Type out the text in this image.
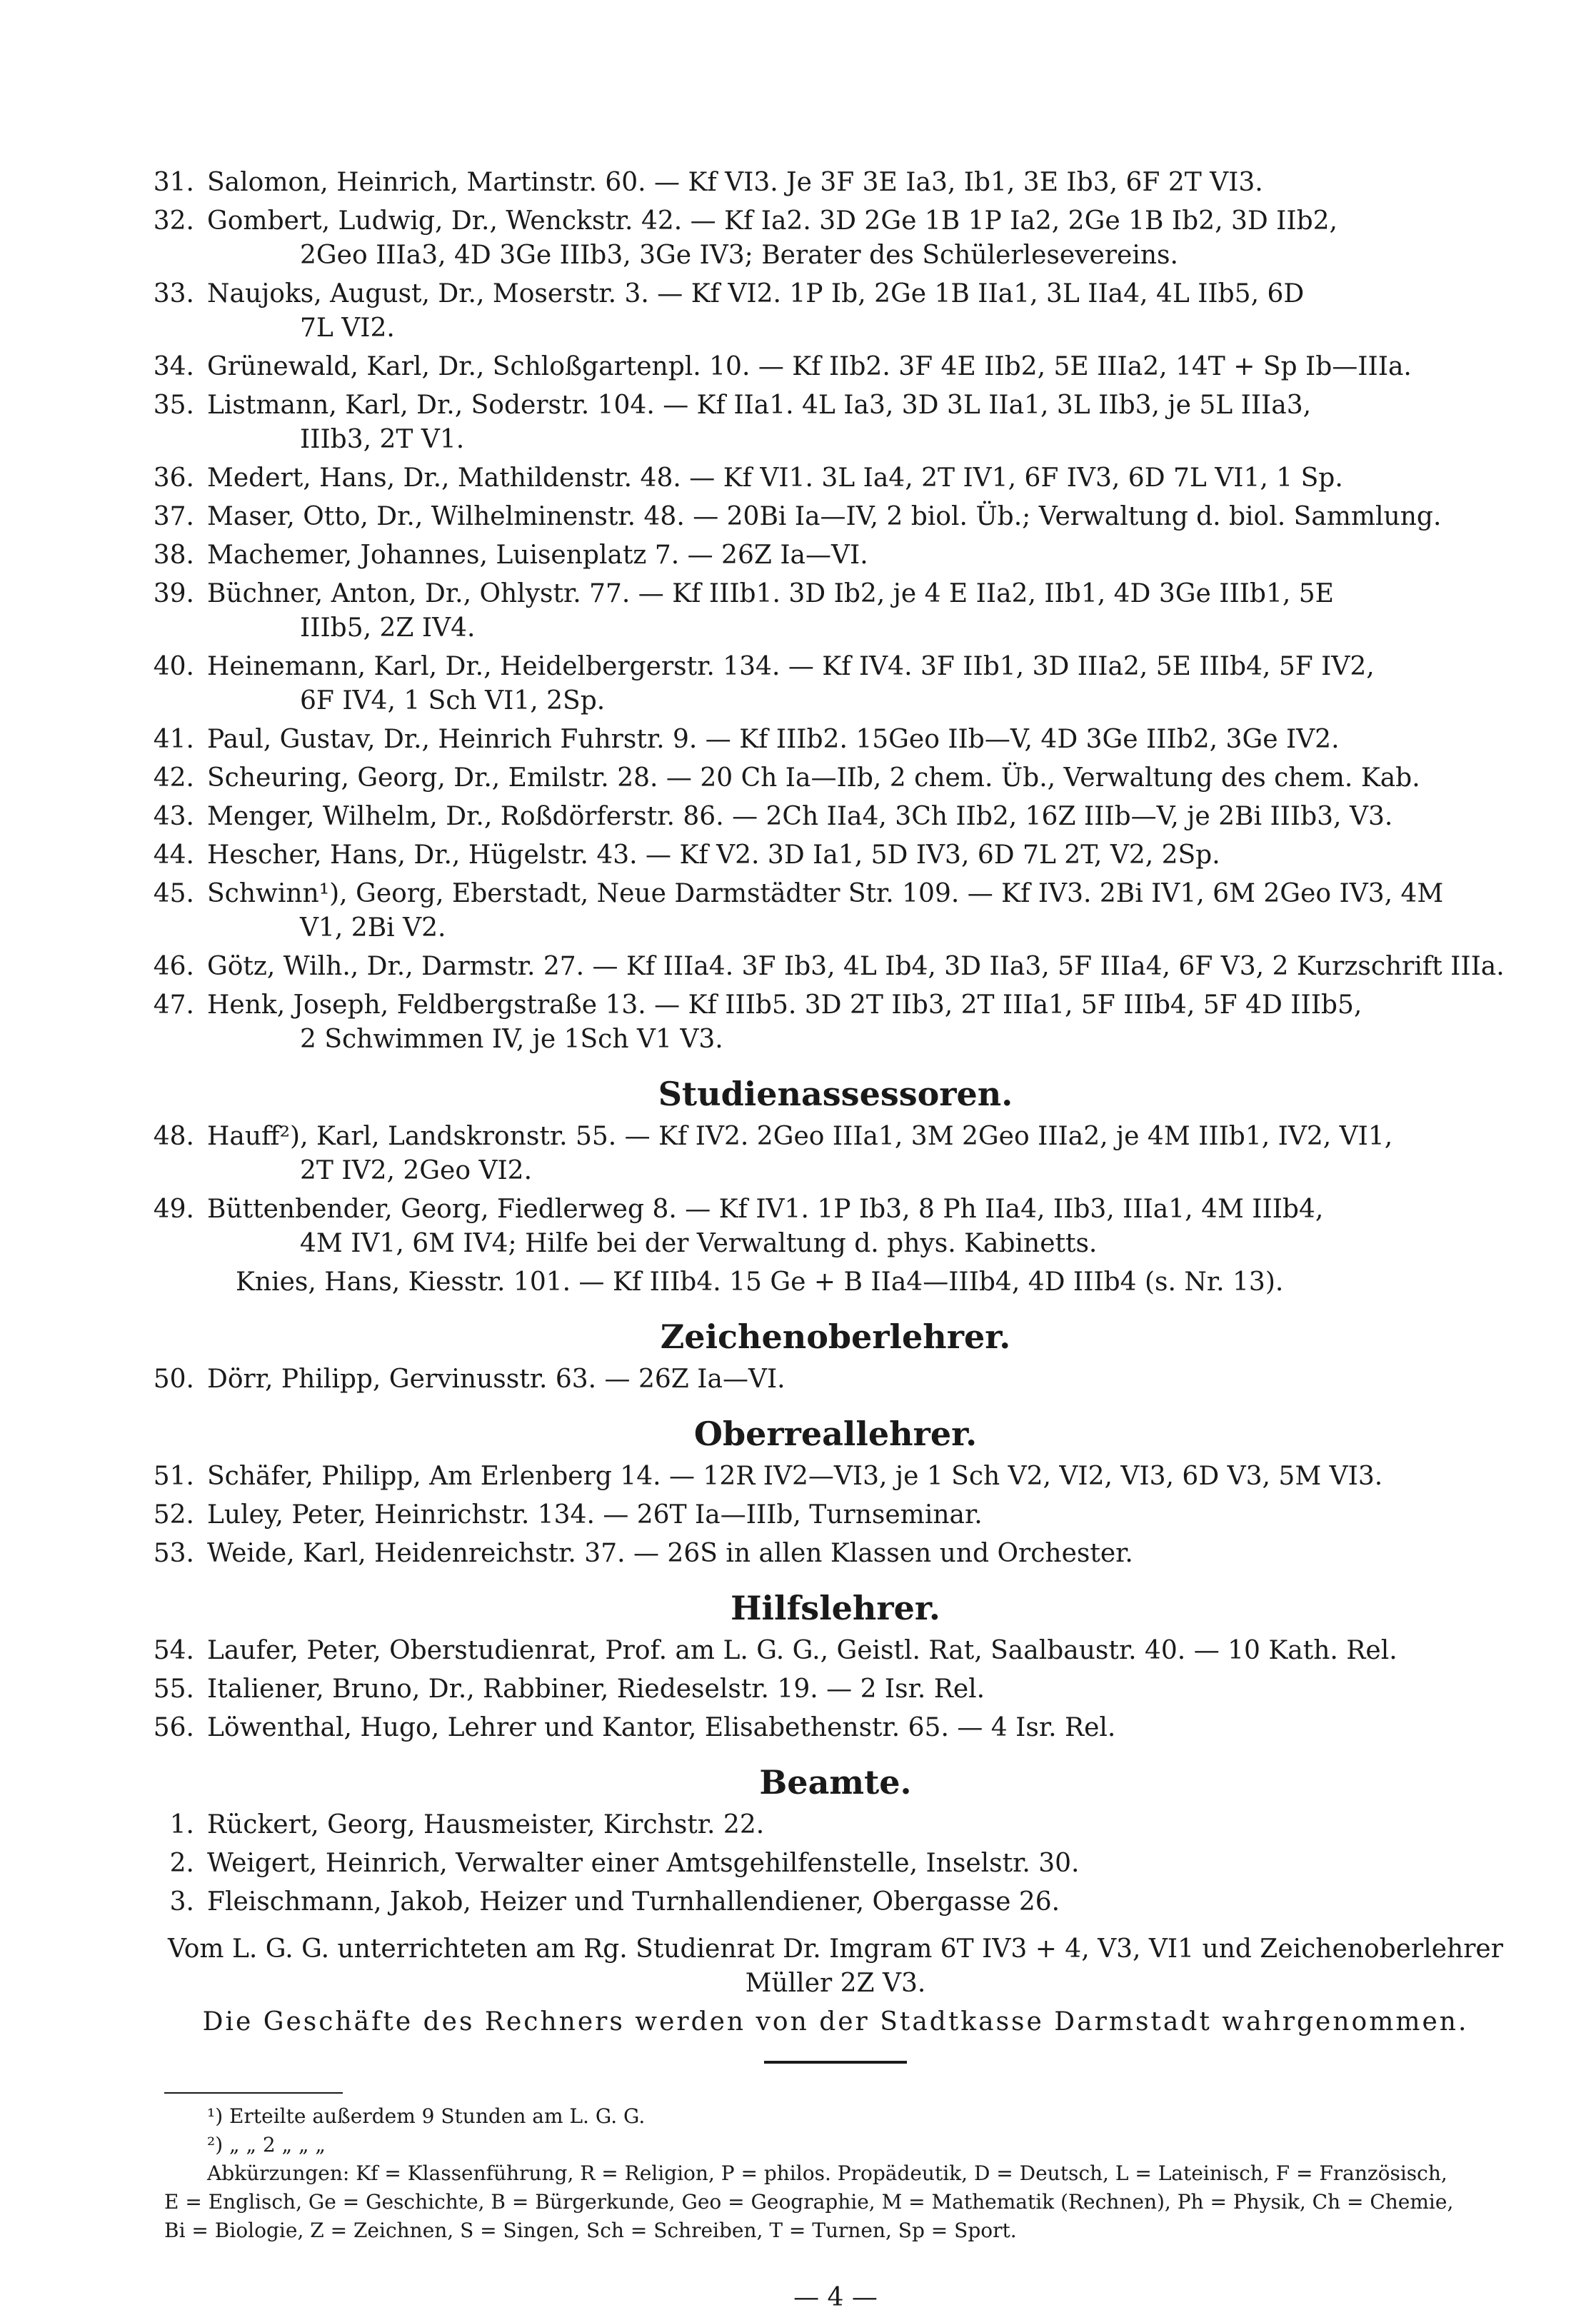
31. Salomon, Heinrich, Martinstr. 60. — Kf VI3. Je 3F 3E Ia3, Ib1, 3E Ib3, 6F 2T VI3.
32. Gombert, Ludwig, Dr., Wenckstr. 42. — Kf Ia2. 3D 2Ge 1B 1P Ia2, 2Ge 1B Ib2, 3D IIb2,
2Geo IIIa3, 4D 3Ge IIIb3, 3Ge IV3; Berater des Schülerlesevereins.
33. Naujoks, August, Dr., Moserstr. 3. — Kf VI2. 1P Ib, 2Ge 1B IIa1, 3L IIa4, 4L IIb5, 6D
7L VI2.
34. Grünewald, Karl, Dr., Schloßgartenpl. 10. — Kf IIb2. 3F 4E IIb2, 5E IIIa2, 14T + Sp Ib—IIIa.
35. Listmann, Karl, Dr., Soderstr. 104. — Kf IIa1. 4L Ia3, 3D 3L IIa1, 3L IIb3, je 5L IIIa3,
IIIb3, 2T V1.
36. Medert, Hans, Dr., Mathildenstr. 48. — Kf VI1. 3L Ia4, 2T IV1, 6F IV3, 6D 7L VI1, 1 Sp.
37. Maser, Otto, Dr., Wilhelminenstr. 48. — 20Bi Ia—IV, 2 biol. Üb.; Verwaltung d. biol. Sammlung.
38. Machemer, Johannes, Luisenplatz 7. — 26Z Ia—VI.
39. Büchner, Anton, Dr., Ohlystr. 77. — Kf IIIb1. 3D Ib2, je 4 E IIa2, IIb1, 4D 3Ge IIIb1, 5E
IIIb5, 2Z IV4.
40. Heinemann, Karl, Dr., Heidelbergerstr. 134. — Kf IV4. 3F IIb1, 3D IIIa2, 5E IIIb4, 5F IV2,
6F IV4, 1 Sch VI1, 2Sp.
41. Paul, Gustav, Dr., Heinrich Fuhrstr. 9. — Kf IIIb2. 15Geo IIb—V, 4D 3Ge IIIb2, 3Ge IV2.
42. Scheuring, Georg, Dr., Emilstr. 28. — 20 Ch Ia—IIb, 2 chem. Üb., Verwaltung des chem. Kab.
43. Menger, Wilhelm, Dr., Roßdörferstr. 86. — 2Ch IIa4, 3Ch IIb2, 16Z IIIb—V, je 2Bi IIIb3, V3.
44. Hescher, Hans, Dr., Hügelstr. 43. — Kf V2. 3D Ia1, 5D IV3, 6D 7L 2T, V2, 2Sp.
45. Schwinn¹), Georg, Eberstadt, Neue Darmstädter Str. 109. — Kf IV3. 2Bi IV1, 6M 2Geo IV3, 4M
V1, 2Bi V2.
46. Götz, Wilh., Dr., Darmstr. 27. — Kf IIIa4. 3F Ib3, 4L Ib4, 3D IIa3, 5F IIIa4, 6F V3, 2 Kurzschrift IIIa.
47. Henk, Joseph, Feldbergstraße 13. — Kf IIIb5. 3D 2T IIb3, 2T IIIa1, 5F IIIb4, 5F 4D IIIb5,
2 Schwimmen IV, je 1Sch V1 V3.
Studienassessoren.
48. Hauff²), Karl, Landskronstr. 55. — Kf IV2. 2Geo IIIa1, 3M 2Geo IIIa2, je 4M IIIb1, IV2, VI1,
2T IV2, 2Geo VI2.
49. Büttenbender, Georg, Fiedlerweg 8. — Kf IV1. 1P Ib3, 8 Ph IIa4, IIb3, IIIa1, 4M IIIb4,
4M IV1, 6M IV4; Hilfe bei der Verwaltung d. phys. Kabinetts.
Knies, Hans, Kiesstr. 101. — Kf IIIb4. 15 Ge + B IIa4—IIIb4, 4D IIIb4 (s. Nr. 13).
Zeichenoberlehrer.
50. Dörr, Philipp, Gervinusstr. 63. — 26Z Ia—VI.
Oberreallehrer.
51. Schäfer, Philipp, Am Erlenberg 14. — 12R IV2—VI3, je 1 Sch V2, VI2, VI3, 6D V3, 5M VI3.
52. Luley, Peter, Heinrichstr. 134. — 26T Ia—IIIb, Turnseminar.
53. Weide, Karl, Heidenreichstr. 37. — 26S in allen Klassen und Orchester.
Hilfslehrer.
54. Laufer, Peter, Oberstudienrat, Prof. am L. G. G., Geistl. Rat, Saalbaustr. 40. — 10 Kath. Rel.
55. Italiener, Bruno, Dr., Rabbiner, Riedeselstr. 19. — 2 Isr. Rel.
56. Löwenthal, Hugo, Lehrer und Kantor, Elisabethenstr. 65. — 4 Isr. Rel.
Beamte.
1. Rückert, Georg, Hausmeister, Kirchstr. 22.
2. Weigert, Heinrich, Verwalter einer Amtsgehilfenstelle, Inselstr. 30.
3. Fleischmann, Jakob, Heizer und Turnhallendiener, Obergasse 26.
Vom L. G. G. unterrichteten am Rg. Studienrat Dr. Imgram 6T IV3 + 4, V3, VI1 und Zeichenoberlehrer
Müller 2Z V3.
Die Geschäfte des Rechners werden von der Stadtkasse Darmstadt wahrgenommen.
¹) Erteilte außerdem 9 Stunden am L. G. G.
²) „ „ 2 „ „ „
Abkürzungen: Kf = Klassenführung, R = Religion, P = philos. Propädeutik, D = Deutsch, L = Lateinisch, F = Französisch,
E = Englisch, Ge = Geschichte, B = Bürgerkunde, Geo = Geographie, M = Mathematik (Rechnen), Ph = Physik, Ch = Chemie,
Bi = Biologie, Z = Zeichnen, S = Singen, Sch = Schreiben, T = Turnen, Sp = Sport.
— 4 —
